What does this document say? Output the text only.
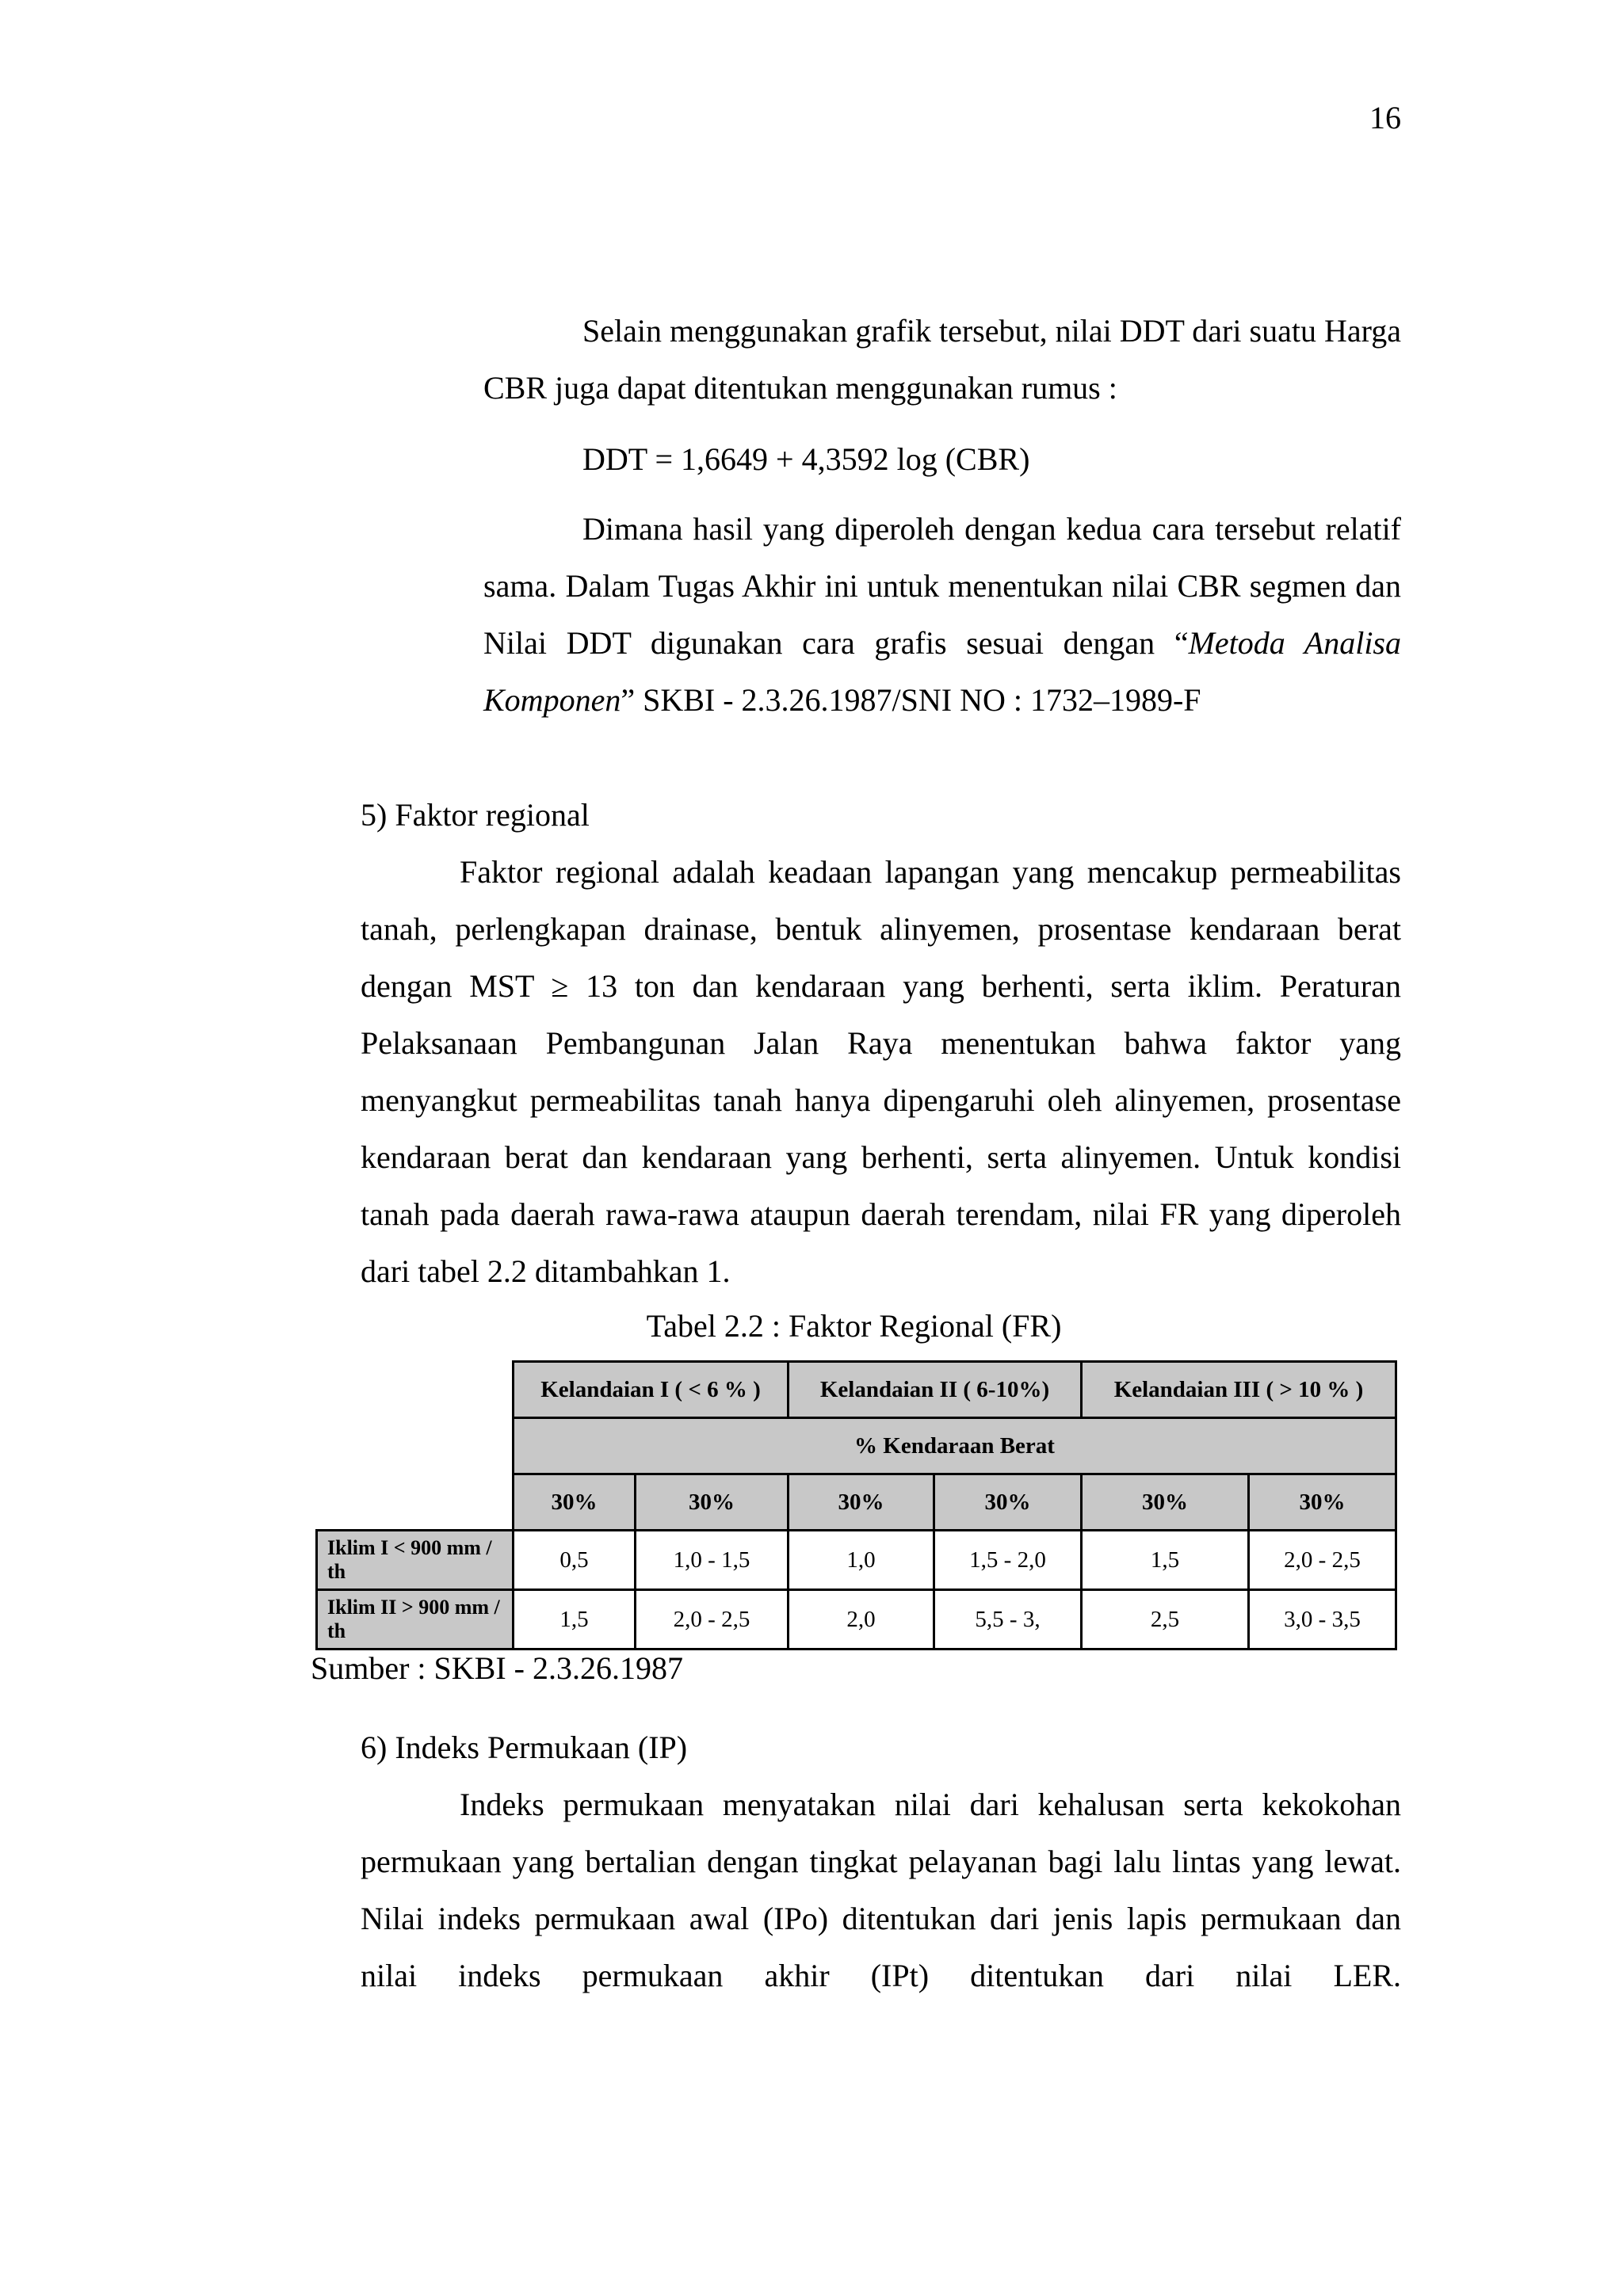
16

Selain menggunakan grafik tersebut, nilai DDT dari suatu Harga CBR juga dapat ditentukan menggunakan rumus :

DDT = 1,6649 + 4,3592 log (CBR)

Dimana hasil yang diperoleh dengan kedua cara tersebut relatif sama. Dalam Tugas Akhir ini untuk menentukan nilai CBR segmen dan Nilai DDT digunakan cara grafis sesuai dengan “Metoda Analisa Komponen” SKBI - 2.3.26.1987/SNI NO : 1732–1989-F

5) Faktor regional

Faktor regional adalah keadaan lapangan yang mencakup permeabilitas tanah, perlengkapan drainase, bentuk alinyemen, prosentase kendaraan berat dengan MST ≥ 13 ton dan kendaraan yang berhenti, serta iklim. Peraturan Pelaksanaan Pembangunan Jalan Raya menentukan bahwa faktor yang menyangkut permeabilitas tanah hanya dipengaruhi oleh alinyemen, prosentase kendaraan berat dan kendaraan yang berhenti, serta alinyemen. Untuk kondisi tanah pada daerah rawa-rawa ataupun daerah terendam, nilai FR yang diperoleh dari tabel 2.2 ditambahkan 1.

Tabel 2.2 : Faktor Regional (FR)

	Kelandaian I ( < 6 % )		Kelandaian II ( 6-10%)		Kelandaian III ( > 10 % )	
	% Kendaraan Berat					
	30%	30%	30%	30%	30%	30%
Iklim I < 900 mm / th	0,5	1,0 - 1,5	1,0	1,5 - 2,0	1,5	2,0 - 2,5
Iklim II > 900 mm / th	1,5	2,0 - 2,5	2,0	5,5 - 3,	2,5	3,0 - 3,5

Sumber : SKBI - 2.3.26.1987

6) Indeks Permukaan (IP)

Indeks permukaan menyatakan nilai dari kehalusan serta kekokohan permukaan yang bertalian dengan tingkat pelayanan bagi lalu lintas yang lewat. Nilai indeks permukaan awal (IPo) ditentukan dari jenis lapis permukaan dan nilai indeks permukaan akhir (IPt) ditentukan dari nilai LER.
